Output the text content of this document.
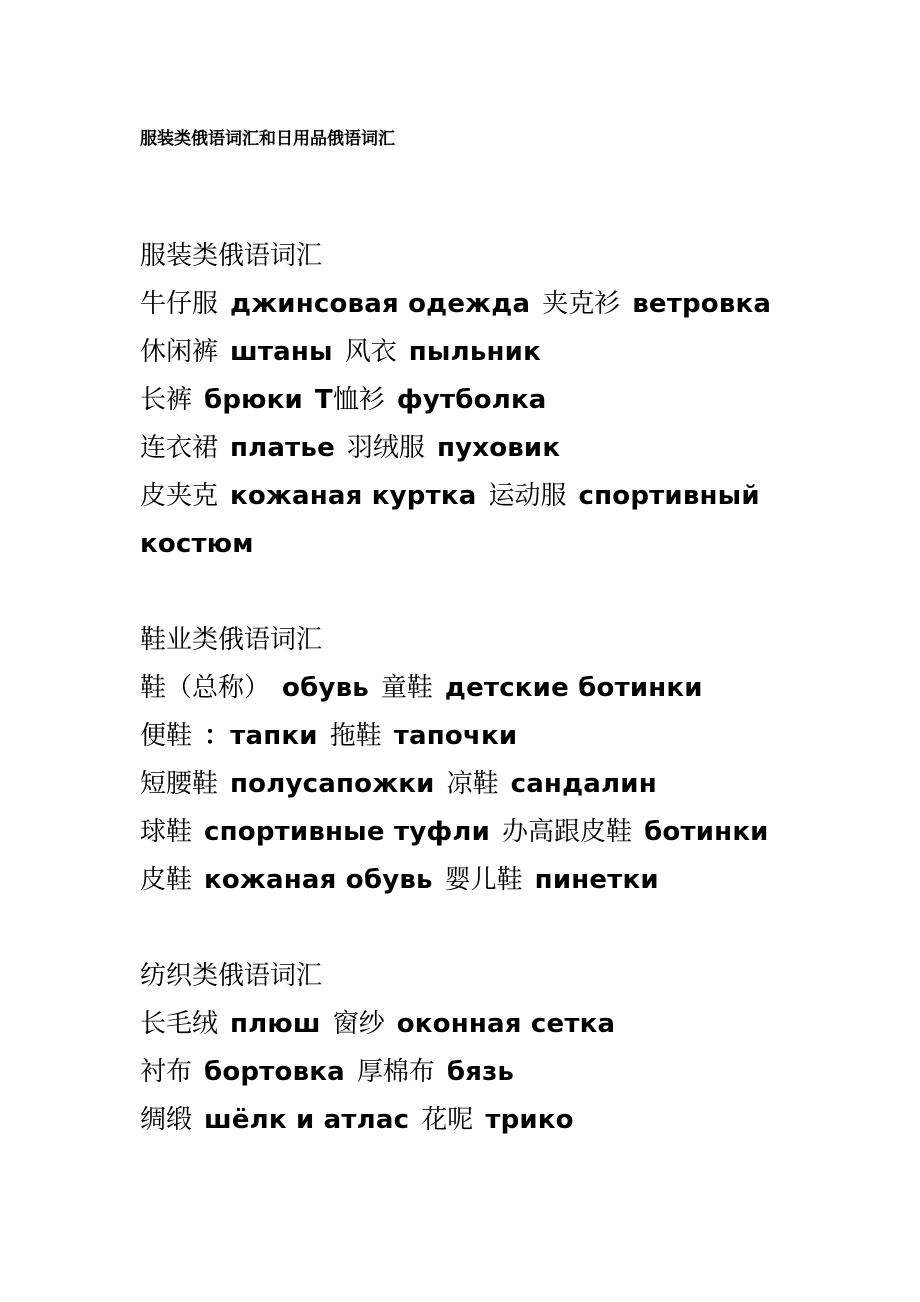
服装类俄语词汇和日用品俄语词汇
服装类俄语词汇
牛仔服 джинсовая одежда 夹克衫 ветровка
休闲裤 штаны 风衣 пыльник
长裤 брюки Т恤衫 футболка
连衣裙 платье 羽绒服 пуховик
皮夹克 кожаная куртка 运动服 спортивный
костюм
鞋业类俄语词汇
鞋（总称） обувь 童鞋 детские ботинки
便鞋 ：тапки 拖鞋 тапочки
短腰鞋 полусапожки 凉鞋 сандалин
球鞋 спортивные туфли 办高跟皮鞋 ботинки
皮鞋 кожаная обувь 婴儿鞋 пинетки
纺织类俄语词汇
长毛绒 плюш 窗纱 оконная сетка
衬布 бортовка 厚棉布 бязь
绸缎 шёлк и атлас 花呢 трико
